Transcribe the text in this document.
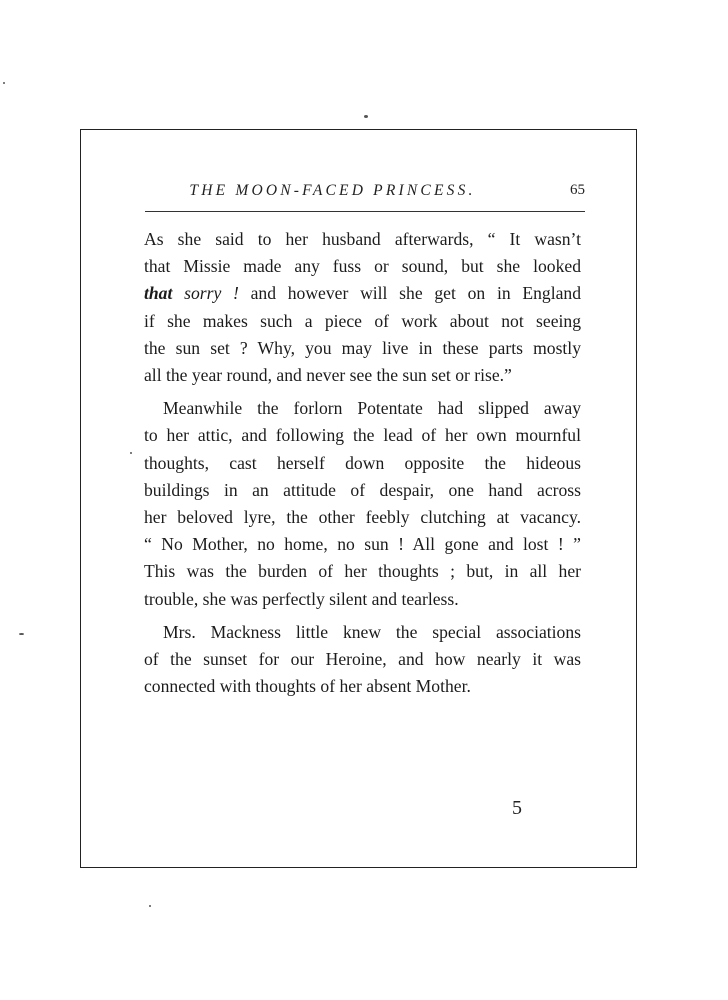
THE MOON-FACED PRINCESS.	65
As she said to her husband afterwards, “ It wasn’t
that Missie made any fuss or sound, but she looked
that sorry ! and however will she get on in England
if she makes such a piece of work about not seeing
the sun set ? Why, you may live in these parts mostly
all the year round, and never see the sun set or rise.”
Meanwhile the forlorn Potentate had slipped away
to her attic, and following the lead of her own mournful
thoughts, cast herself down opposite the hideous
buildings in an attitude of despair, one hand across
her beloved lyre, the other feebly clutching at vacancy.
“ No Mother, no home, no sun ! All gone and lost ! ”
This was the burden of her thoughts ; but, in all her
trouble, she was perfectly silent and tearless.
Mrs. Mackness little knew the special associations
of the sunset for our Heroine, and how nearly it was
connected with thoughts of her absent Mother.
5
